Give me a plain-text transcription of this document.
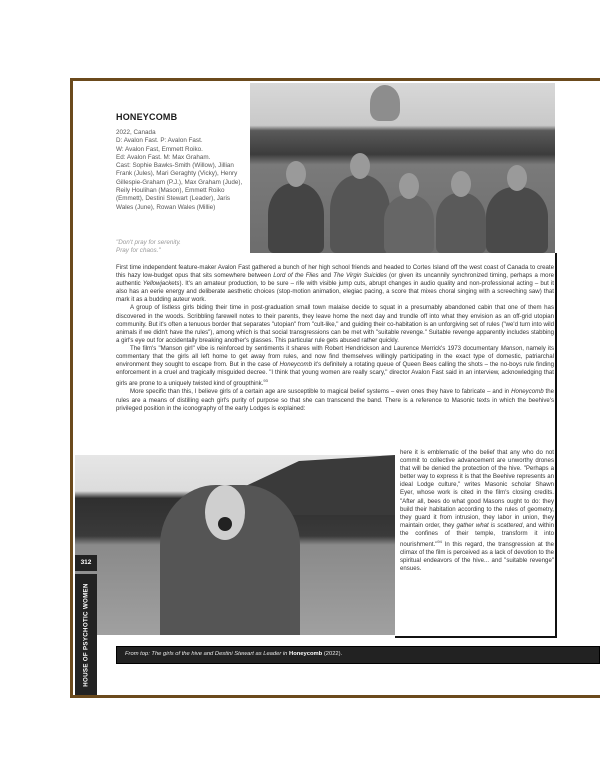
HONEYCOMB
2022, Canada
D: Avalon Fast. P: Avalon Fast.
W: Avalon Fast, Emmett Roiko.
Ed: Avalon Fast. M: Max Graham.
Cast: Sophie Bawks-Smith (Willow), Jillian Frank (Jules), Mari Geraghty (Vicky), Henry Gillespie-Graham (P.J.), Max Graham (Jude), Reily Houlihan (Mason), Emmett Roiko (Emmett), Destini Stewart (Leader), Jaris Wales (June), Rowan Wales (Millie)
"Don't pray for serenity.
Pray for chaos."

First time independent feature-maker Avalon Fast gathered a bunch of her high school friends and headed to Cortes Island off the west coast of Canada to create this hazy low-budget opus that sits somewhere between Lord of the Flies and The Virgin Suicides (or given its uncannily synchronized timing, perhaps a more authentic Yellowjackets). It's an amateur production, to be sure – rife with visible jump cuts, abrupt changes in audio quality and non-professional acting – but it also has an eerie energy and deliberate aesthetic choices (stop-motion animation, elegiac pacing, a score that mixes choral singing with a screeching saw) that mark it as a budding auteur work.

A group of listless girls biding their time in post-graduation small town malaise decide to squat in a presumably abandoned cabin that one of them has discovered in the woods. Scribbling farewell notes to their parents, they leave home the next day and trundle off into what they envision as an off-grid utopian community. But it's often a tenuous border that separates "utopian" from "cult-like," and guiding their co-habitation is an unforgiving set of rules ("we'd turn into wild animals if we didn't have the rules"), among which is that social transgressions can be met with "suitable revenge." Suitable revenge apparently includes stabbing a girl's eye out for accidentally breaking another's glasses. This particular rule gets abused rather quickly.

The film's "Manson girl" vibe is reinforced by sentiments it shares with Robert Hendrickson and Laurence Merrick's 1973 documentary Manson, namely its commentary that the girls all left home to get away from rules, and now find themselves willingly participating in the exact type of domestic, patriarchal environment they sought to escape from. But in the case of Honeycomb it's definitely a rotating queue of Queen Bees calling the shots – the no-boys rule finding enforcement in a cruel and tragically misguided decree. "I think that young women are really scary," director Avalon Fast said in an interview, acknowledging that girls are prone to a uniquely twisted kind of groupthink.$^{93}$

More specific than this, I believe girls of a certain age are susceptible to magical belief systems – even ones they have to fabricate – and in Honeycomb the rules are a means of distilling each girl's purity of purpose so that she can transcend the band. There is a reference to Masonic texts in which the beehive's privileged position in the iconography of the early Lodges is explained:

here it is emblematic of the belief that any who do not commit to collective advancement are unworthy drones that will be denied the protection of the hive. "Perhaps a better way to express it is that the Beehive represents an ideal Lodge culture," writes Masonic scholar Shawn Eyer, whose work is cited in the film's closing credits. "After all, bees do what good Masons ought to do: they build their habitation according to the rules of geometry, they guard it from intrusion, they labor in union, they maintain order, they gather what is scattered, and within the confines of their temple, transform it into nourishment."$^{94}$ In this regard, the transgression at the climax of the film is perceived as a lack of devotion to the spiritual endeavors of the hive... and "suitable revenge" ensues.
From top: The girls of the hive and Destini Stewart as Leader in Honeycomb (2022).
312
HOUSE OF PSYCHOTIC WOMEN
